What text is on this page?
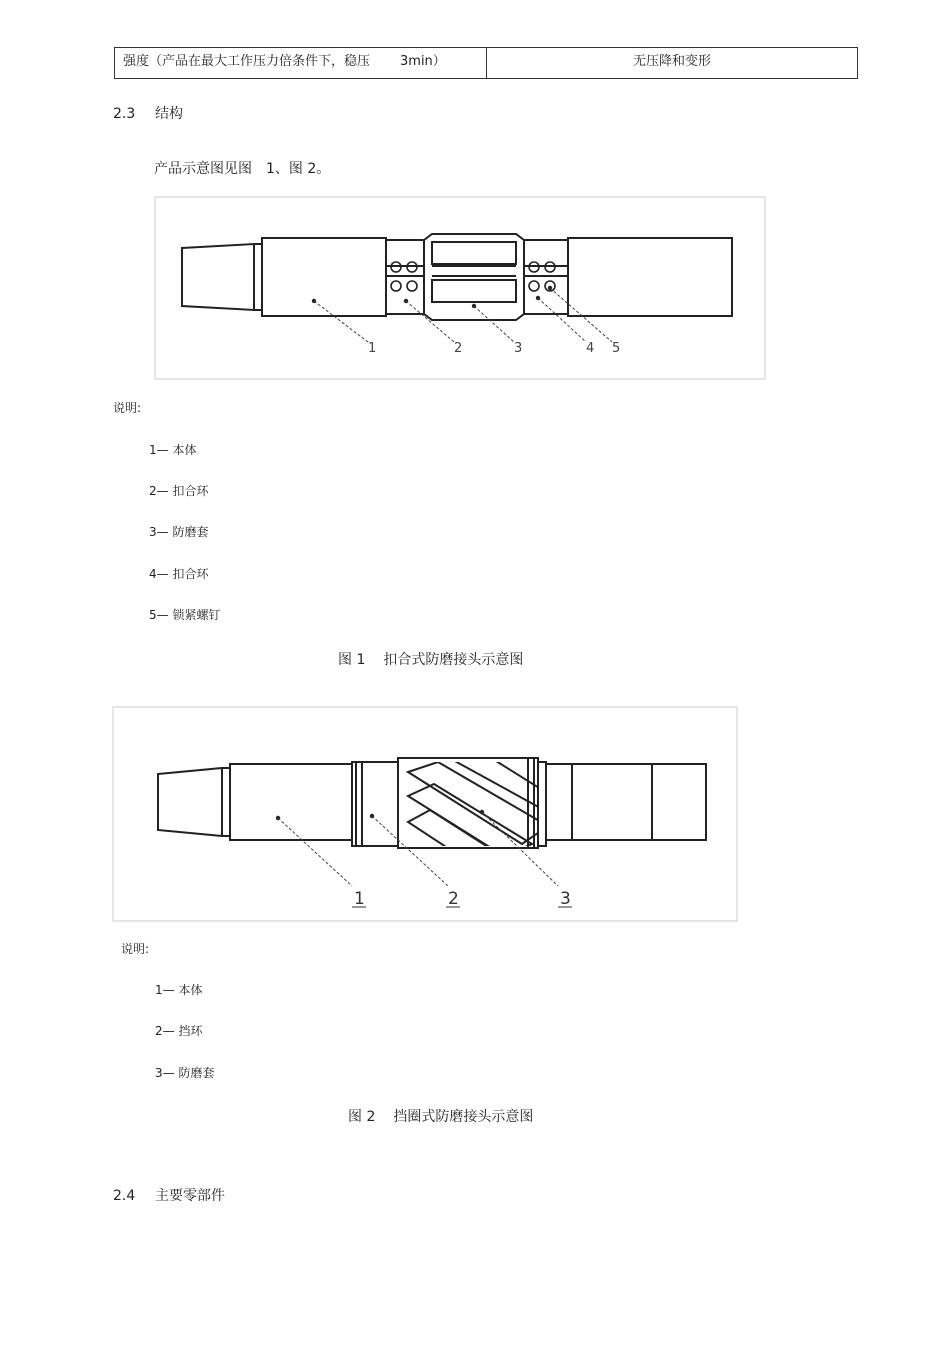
强度（产品在最大工作压力倍条件下，稳压 3min）	无压降和变形
2.3 结构
产品示意图见图　1、图 2。
1	2	3	4 5
说明:
1— 本体
2— 扣合环
3— 防磨套
4— 扣合环
5— 锁紧螺钉
图 1 扣合式防磨接头示意图
1	2	3
说明:
1— 本体
2— 挡环
3— 防磨套
图 2 挡圈式防磨接头示意图
2.4 主要零部件
